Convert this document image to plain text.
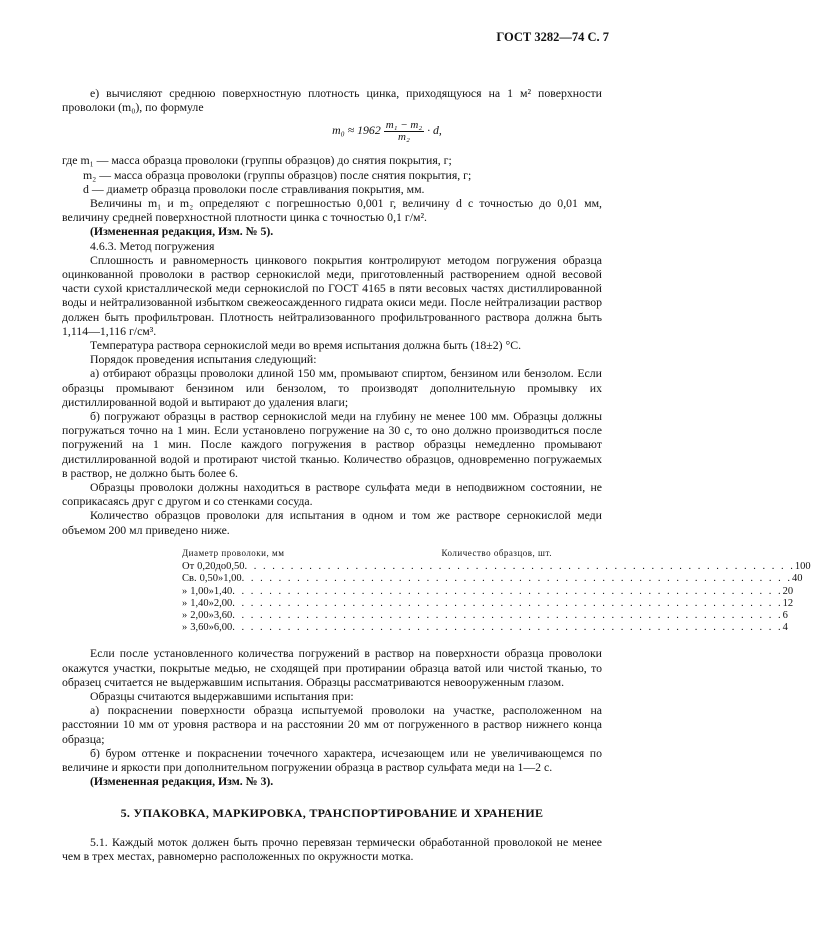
ГОСТ 3282—74 С. 7

е) вычисляют среднюю поверхностную плотность цинка, приходящуюся на 1 м² поверхности проволоки (m₀), по формуле

$m_0 \approx 1962 \frac{\text{m₁ − m₂}}{\text{m₂}} \cdot d$,

где m₁ — масса образца проволоки (группы образцов) до снятия покрытия, г;

m₂ — масса образца проволоки (группы образцов) после снятия покрытия, г;

d — диаметр образца проволоки после стравливания покрытия, мм.

Величины m₁ и m₂ определяют с погрешностью 0,001 г, величину d с точностью до 0,01 мм, величину средней поверхностной плотности цинка с точностью 0,1 г/м².

(Измененная редакция, Изм. № 5).

4.6.3. Метод погружения

Сплошность и равномерность цинкового покрытия контролируют методом погружения образца оцинкованной проволоки в раствор сернокислой меди, приготовленный растворением одной весовой части сухой кристаллической меди сернокислой по ГОСТ 4165 в пяти весовых частях дистиллированной воды и нейтрализованной избытком свежеосажденного гидрата окиси меди. После нейтрализации раствор должен быть профильтрован. Плотность нейтрализованного профильтрованного раствора должна быть 1,114—1,116 г/см³.

Температура раствора сернокислой меди во время испытания должна быть (18±2) °С.

Порядок проведения испытания следующий:

а) отбирают образцы проволоки длиной 150 мм, промывают спиртом, бензином или бензолом. Если образцы промывают бензином или бензолом, то производят дополнительную промывку их дистиллированной водой и вытирают до удаления влаги;

б) погружают образцы в раствор сернокислой меди на глубину не менее 100 мм. Образцы должны погружаться точно на 1 мин. Если установлено погружение на 30 с, то оно должно производиться после погружений на 1 мин. После каждого погружения в раствор образцы немедленно промывают дистиллированной водой и протирают чистой тканью. Количество образцов, одновременно погружаемых в раствор, не должно быть более 6.

Образцы проволоки должны находиться в растворе сульфата меди в неподвижном состоянии, не соприкасаясь друг с другом и со стенками сосуда.

Количество образцов проволоки для испытания в одном и том же растворе сернокислой меди объемом 200 мл приведено ниже.

Диаметр проволоки, мм	Количество образцов, шт.
От 0,20 до 0,50 . . . . . . . . . . . . . . . . . . . . . . . . . . . . . . . . . . . . . . . . . . . . . . . . . . . . . . . . . . . . 100
Св. 0,50 » 1,00 . . . . . . . . . . . . . . . . . . . . . . . . . . . . . . . . . . . . . . . . . . . . . . . . . . . . . . . . . . . . 40
» 1,00 » 1,40 . . . . . . . . . . . . . . . . . . . . . . . . . . . . . . . . . . . . . . . . . . . . . . . . . . . . . . . . . . . . 20
» 1,40 » 2,00 . . . . . . . . . . . . . . . . . . . . . . . . . . . . . . . . . . . . . . . . . . . . . . . . . . . . . . . . . . . . 12
» 2,00 » 3,60 . . . . . . . . . . . . . . . . . . . . . . . . . . . . . . . . . . . . . . . . . . . . . . . . . . . . . . . . . . . . 6
» 3,60 » 6,00 . . . . . . . . . . . . . . . . . . . . . . . . . . . . . . . . . . . . . . . . . . . . . . . . . . . . . . . . . . . . 4

Если после установленного количества погружений в раствор на поверхности образца проволоки окажутся участки, покрытые медью, не сходящей при протирании образца ватой или чистой тканью, то образец считается не выдержавшим испытания. Образцы рассматриваются невооруженным глазом.

Образцы считаются выдержавшими испытания при:

а) покраснении поверхности образца испытуемой проволоки на участке, расположенном на расстоянии 10 мм от уровня раствора и на расстоянии 20 мм от погруженного в раствор нижнего конца образца;

б) буром оттенке и покраснении точечного характера, исчезающем или не увеличивающемся по величине и яркости при дополнительном погружении образца в раствор сульфата меди на 1—2 с.

(Измененная редакция, Изм. № 3).

5. УПАКОВКА, МАРКИРОВКА, ТРАНСПОРТИРОВАНИЕ И ХРАНЕНИЕ

5.1. Каждый моток должен быть прочно перевязан термически обработанной проволокой не менее чем в трех местах, равномерно расположенных по окружности мотка.
